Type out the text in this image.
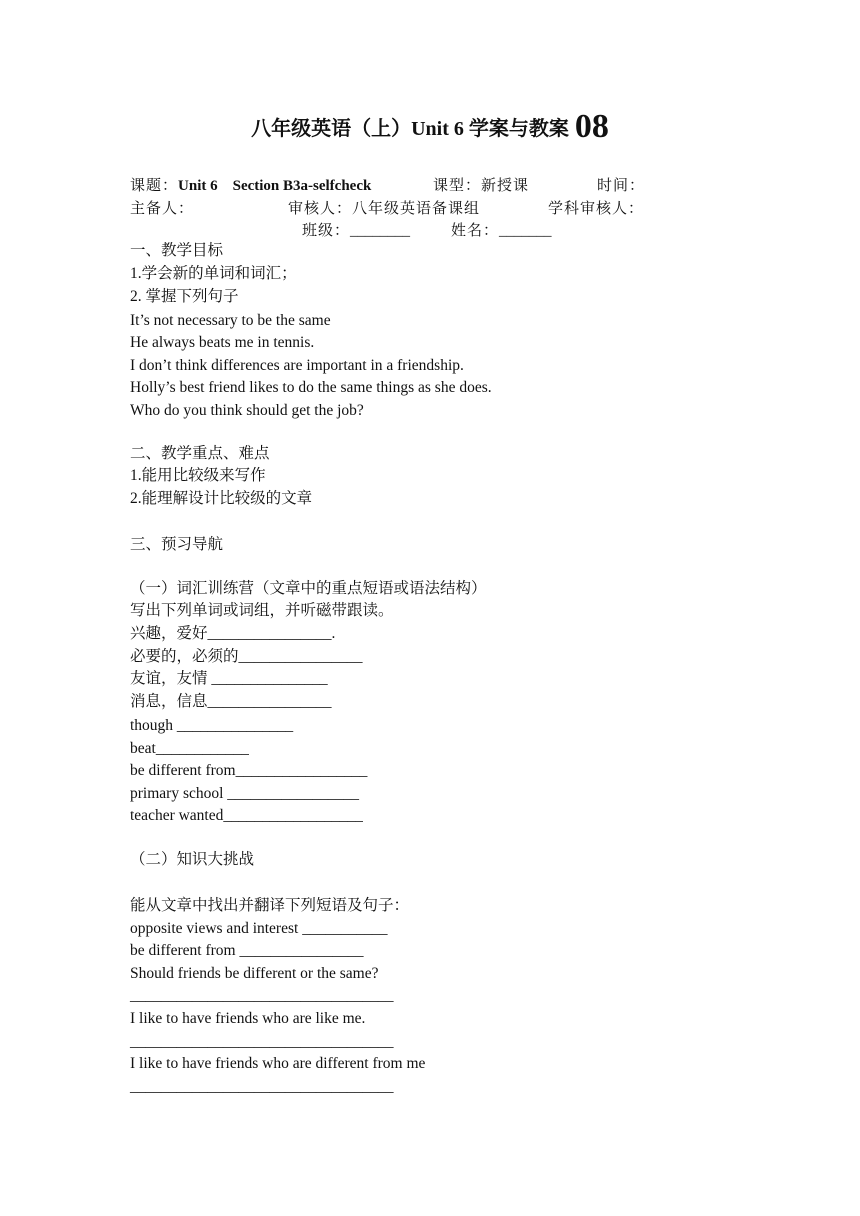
八年级英语（上）Unit 6 学案与教案 08
课题：Unit 6    Section B3a-selfcheck	课型：新授课	时间：
主备人：	审核人：八年级英语备课组	学科审核人：
班级：________	姓名：_______
一、教学目标
1.学会新的单词和词汇；
2. 掌握下列句子
It’s not necessary to be the same
He always beats me in tennis.
I don’t think differences are important in a friendship.
Holly’s best friend likes to do the same things as she does.
Who do you think should get the job?
二、教学重点、难点
1.能用比较级来写作
2.能理解设计比较级的文章
三、预习导航
（一）词汇训练营（文章中的重点短语或语法结构）
写出下列单词或词组，并听磁带跟读。
兴趣，爱好________________.
必要的，必须的________________
友谊，友情 _______________
消息，信息________________
though _______________
beat____________
be different from_________________
primary school _________________
teacher wanted__________________
（二）知识大挑战
能从文章中找出并翻译下列短语及句子：
opposite views and interest ___________
be different from ________________
Should friends be different or the same?
__________________________________
I like to have friends who are like me.
__________________________________
I like to have friends who are different from me
__________________________________
